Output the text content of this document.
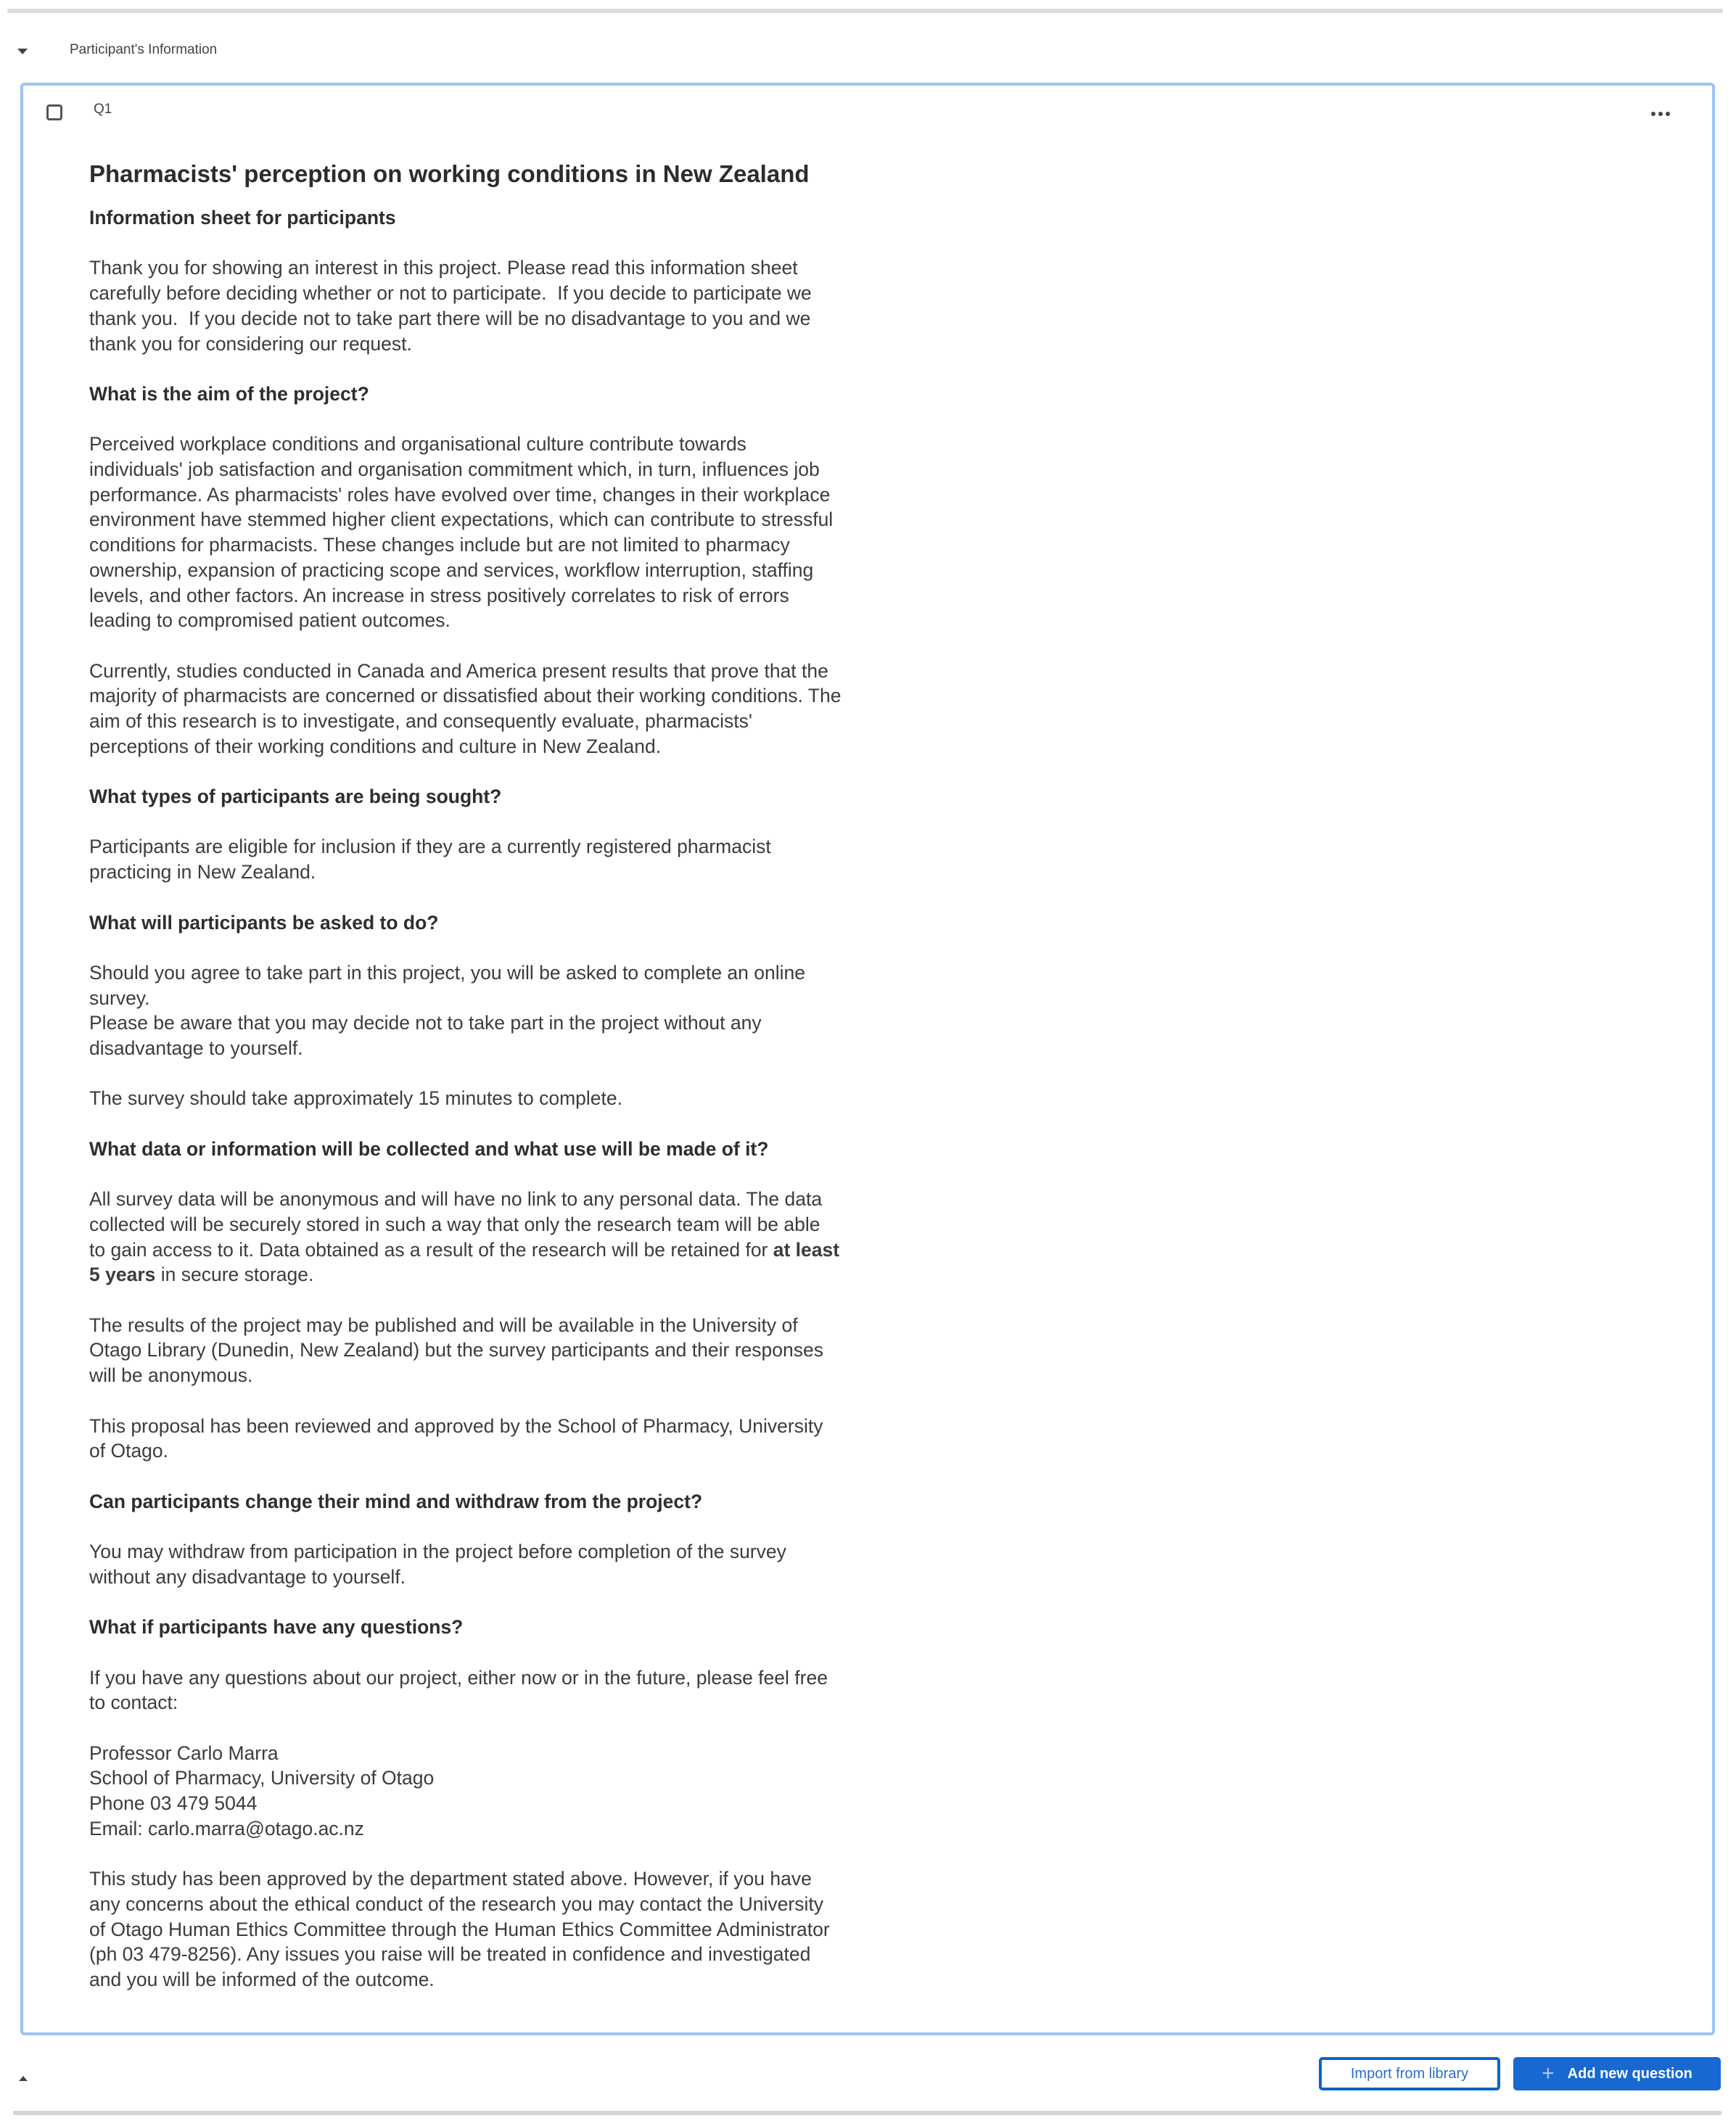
Participant's Information
Q1
Pharmacists' perception on working conditions in New Zealand
Information sheet for participants
Thank you for showing an interest in this project. Please read this information sheet
carefully before deciding whether or not to participate.  If you decide to participate we
thank you.  If you decide not to take part there will be no disadvantage to you and we
thank you for considering our request.
What is the aim of the project?
Perceived workplace conditions and organisational culture contribute towards
individuals' job satisfaction and organisation commitment which, in turn, influences job
performance. As pharmacists' roles have evolved over time, changes in their workplace
environment have stemmed higher client expectations, which can contribute to stressful
conditions for pharmacists. These changes include but are not limited to pharmacy
ownership, expansion of practicing scope and services, workflow interruption, staffing
levels, and other factors. An increase in stress positively correlates to risk of errors
leading to compromised patient outcomes.
Currently, studies conducted in Canada and America present results that prove that the
majority of pharmacists are concerned or dissatisfied about their working conditions. The
aim of this research is to investigate, and consequently evaluate, pharmacists'
perceptions of their working conditions and culture in New Zealand.
What types of participants are being sought?
Participants are eligible for inclusion if they are a currently registered pharmacist
practicing in New Zealand.
What will participants be asked to do?
Should you agree to take part in this project, you will be asked to complete an online
survey.
Please be aware that you may decide not to take part in the project without any
disadvantage to yourself.
The survey should take approximately 15 minutes to complete.
What data or information will be collected and what use will be made of it?
All survey data will be anonymous and will have no link to any personal data. The data
collected will be securely stored in such a way that only the research team will be able
to gain access to it. Data obtained as a result of the research will be retained for at least
5 years in secure storage.
The results of the project may be published and will be available in the University of
Otago Library (Dunedin, New Zealand) but the survey participants and their responses
will be anonymous.
This proposal has been reviewed and approved by the School of Pharmacy, University
of Otago.
Can participants change their mind and withdraw from the project?
You may withdraw from participation in the project before completion of the survey
without any disadvantage to yourself.
What if participants have any questions?
If you have any questions about our project, either now or in the future, please feel free
to contact:
Professor Carlo Marra
School of Pharmacy, University of Otago
Phone 03 479 5044
Email: carlo.marra@otago.ac.nz
This study has been approved by the department stated above. However, if you have
any concerns about the ethical conduct of the research you may contact the University
of Otago Human Ethics Committee through the Human Ethics Committee Administrator
(ph 03 479-8256). Any issues you raise will be treated in confidence and investigated
and you will be informed of the outcome.
Import from library	+ Add new question
